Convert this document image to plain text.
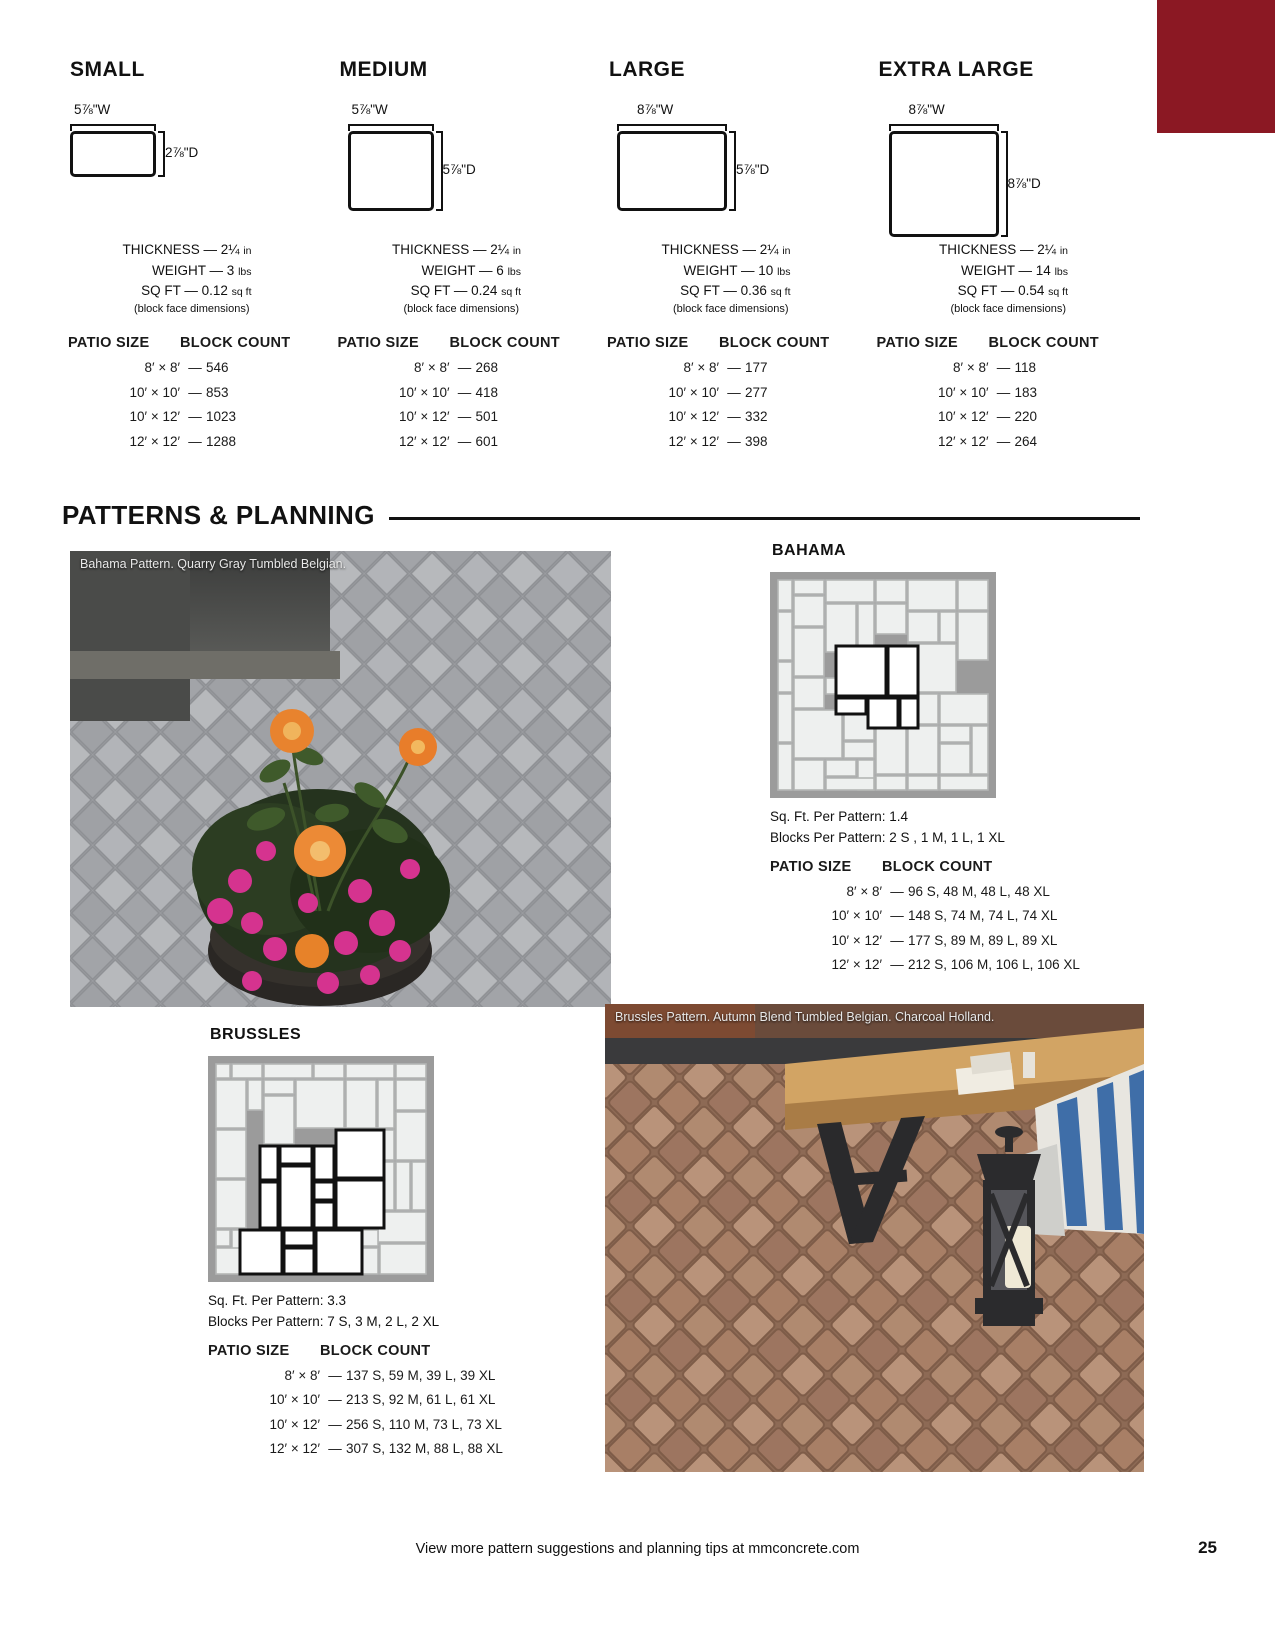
SMALL
5⅞"W
2⅞"D
THICKNESS — 2¼ in
WEIGHT — 3 lbs
SQ FT — 0.12 sq ft
(block face dimensions)
PATIO SIZE	BLOCK COUNT
8′ × 8′ — 546
10′ × 10′ — 853
10′ × 12′ — 1023
12′ × 12′ — 1288
MEDIUM
5⅞"W
5⅞"D
THICKNESS — 2¼ in
WEIGHT — 6 lbs
SQ FT — 0.24 sq ft
(block face dimensions)
PATIO SIZE	BLOCK COUNT
8′ × 8′ — 268
10′ × 10′ — 418
10′ × 12′ — 501
12′ × 12′ — 601
LARGE
8⅞"W
5⅞"D
THICKNESS — 2¼ in
WEIGHT — 10 lbs
SQ FT — 0.36 sq ft
(block face dimensions)
PATIO SIZE	BLOCK COUNT
8′ × 8′ — 177
10′ × 10′ — 277
10′ × 12′ — 332
12′ × 12′ — 398
EXTRA LARGE
8⅞"W
8⅞"D
THICKNESS — 2¼ in
WEIGHT — 14 lbs
SQ FT — 0.54 sq ft
(block face dimensions)
PATIO SIZE	BLOCK COUNT
8′ × 8′ — 118
10′ × 10′ — 183
10′ × 12′ — 220
12′ × 12′ — 264
PATTERNS & PLANNING
Bahama Pattern. Quarry Gray Tumbled Belgian.
BAHAMA
Sq. Ft. Per Pattern: 1.4
Blocks Per Pattern: 2 S , 1 M, 1 L, 1 XL
PATIO SIZE	BLOCK COUNT
8′ × 8′ — 96 S, 48 M, 48 L, 48 XL
10′ × 10′ — 148 S, 74 M, 74 L, 74 XL
10′ × 12′ — 177 S, 89 M, 89 L, 89 XL
12′ × 12′ — 212 S, 106 M, 106 L, 106 XL
BRUSSLES
Sq. Ft. Per Pattern: 3.3
Blocks Per Pattern: 7 S, 3 M, 2 L, 2 XL
PATIO SIZE	BLOCK COUNT
8′ × 8′ — 137 S, 59 M, 39 L, 39 XL
10′ × 10′ — 213 S, 92 M, 61 L, 61 XL
10′ × 12′ — 256 S, 110 M, 73 L, 73 XL
12′ × 12′ — 307 S, 132 M, 88 L, 88 XL
Brussles Pattern. Autumn Blend Tumbled Belgian. Charcoal Holland.
View more pattern suggestions and planning tips at mmconcrete.com	25
